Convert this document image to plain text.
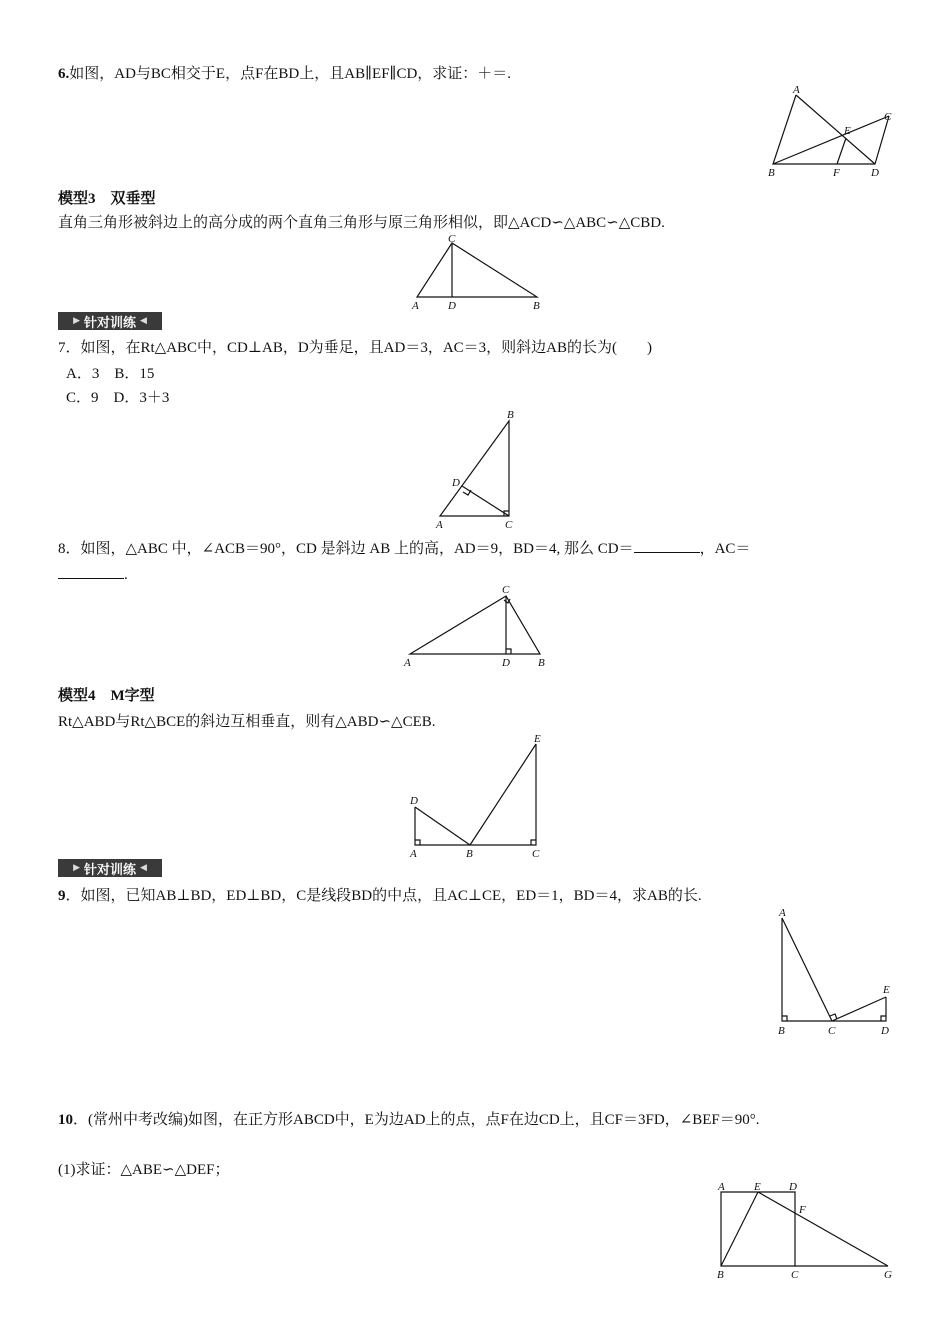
6.如图，AD与BC相交于E，点F在BD上，且AB∥EF∥CD，求证：＋＝.
A
E
C
B	F	D
模型3　双垂型
直角三角形被斜边上的高分成的两个直角三角形与原三角形相似，即△ACD∽△ABC∽△CBD.
C
A	D	B
▶ 针对训练 ◀
7．如图，在Rt△ABC中，CD⊥AB，D为垂足，且AD＝3，AC＝3，则斜边AB的长为(　　)
A．3　B．15
C．9　D．3＋3
B
D
A	C
8．如图，△ABC 中，∠ACB＝90°，CD 是斜边 AB 上的高，AD＝9，BD＝4, 那么 CD＝	，AC＝
.
C
A	D	B
模型4　M字型
Rt△ABD与Rt△BCE的斜边互相垂直，则有△ABD∽△CEB.
E
D
A	B	C
▶ 针对训练 ◀
9．如图，已知AB⊥BD，ED⊥BD，C是线段BD的中点，且AC⊥CE，ED＝1，BD＝4，求AB的长.
A
E
B	C	D
10．(常州中考改编)如图，在正方形ABCD中，E为边AD上的点，点F在边CD上，且CF＝3FD，∠BEF＝90°.
(1)求证：△ABE∽△DEF；
A	E	D
F
B	C	G
